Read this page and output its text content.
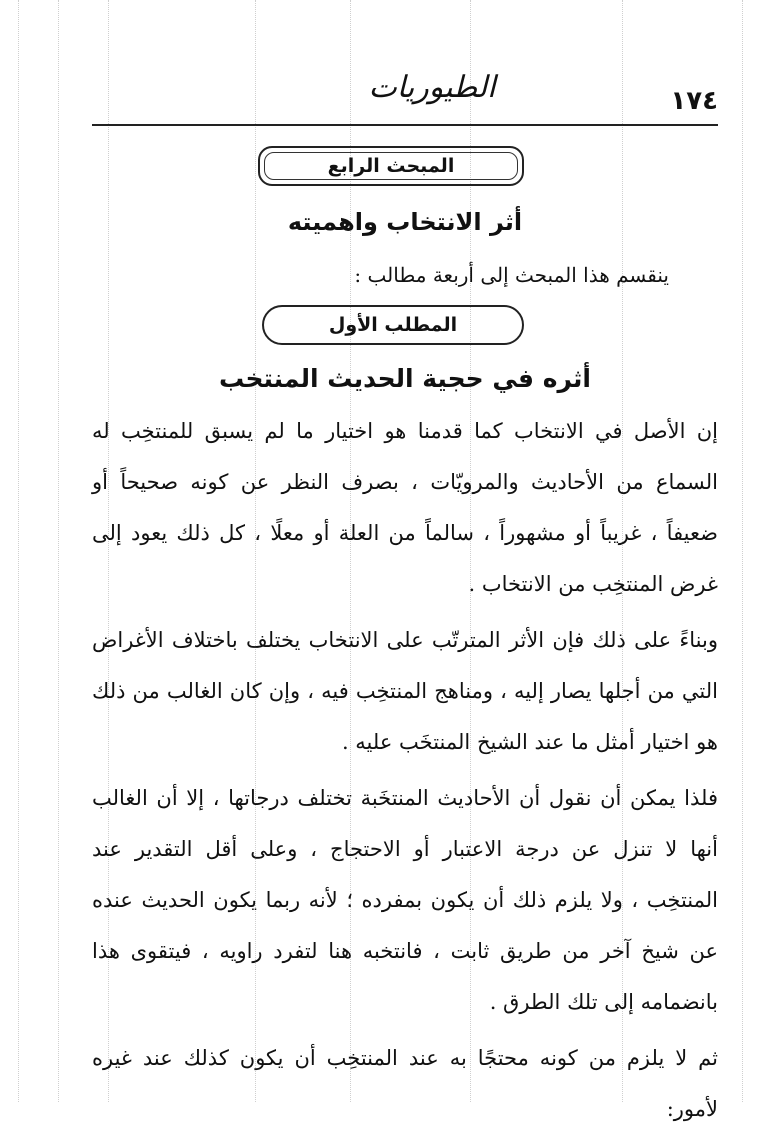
١٧٤
الطيوريات
المبحث الرابع
أثر الانتخاب واهميته
ينقسم هذا المبحث إلى أربعة مطالب :
المطلب الأول
أثره في حجية الحديث المنتخب

إن الأصل في الانتخاب كما قدمنا هو اختيار ما لم يسبق للمنتخِب له السماع من الأحاديث والمرويّات ، بصرف النظر عن كونه صحيحاً أو ضعيفاً ، غريباً أو مشهوراً ، سالماً من العلة أو معلًا ، كل ذلك يعود إلى غرض المنتخِب من الانتخاب .

وبناءً على ذلك فإن الأثر المترتّب على الانتخاب يختلف باختلاف الأغراض التي من أجلها يصار إليه ، ومناهج المنتخِب فيه ، وإن كان الغالب من ذلك هو اختيار أمثل ما عند الشيخ المنتخَب عليه .

فلذا يمكن أن نقول أن الأحاديث المنتخَبة تختلف درجاتها ، إلا أن الغالب أنها لا تنزل عن درجة الاعتبار أو الاحتجاج ، وعلى أقل التقدير عند المنتخِب ، ولا يلزم ذلك أن يكون بمفرده ؛ لأنه ربما يكون الحديث عنده عن شيخ آخر من طريق ثابت ، فانتخبه هنا لتفرد راويه ، فيتقوى هذا بانضمامه إلى تلك الطرق .

ثم لا يلزم من كونه محتجًا به عند المنتخِب أن يكون كذلك عند غيره لأمور:
